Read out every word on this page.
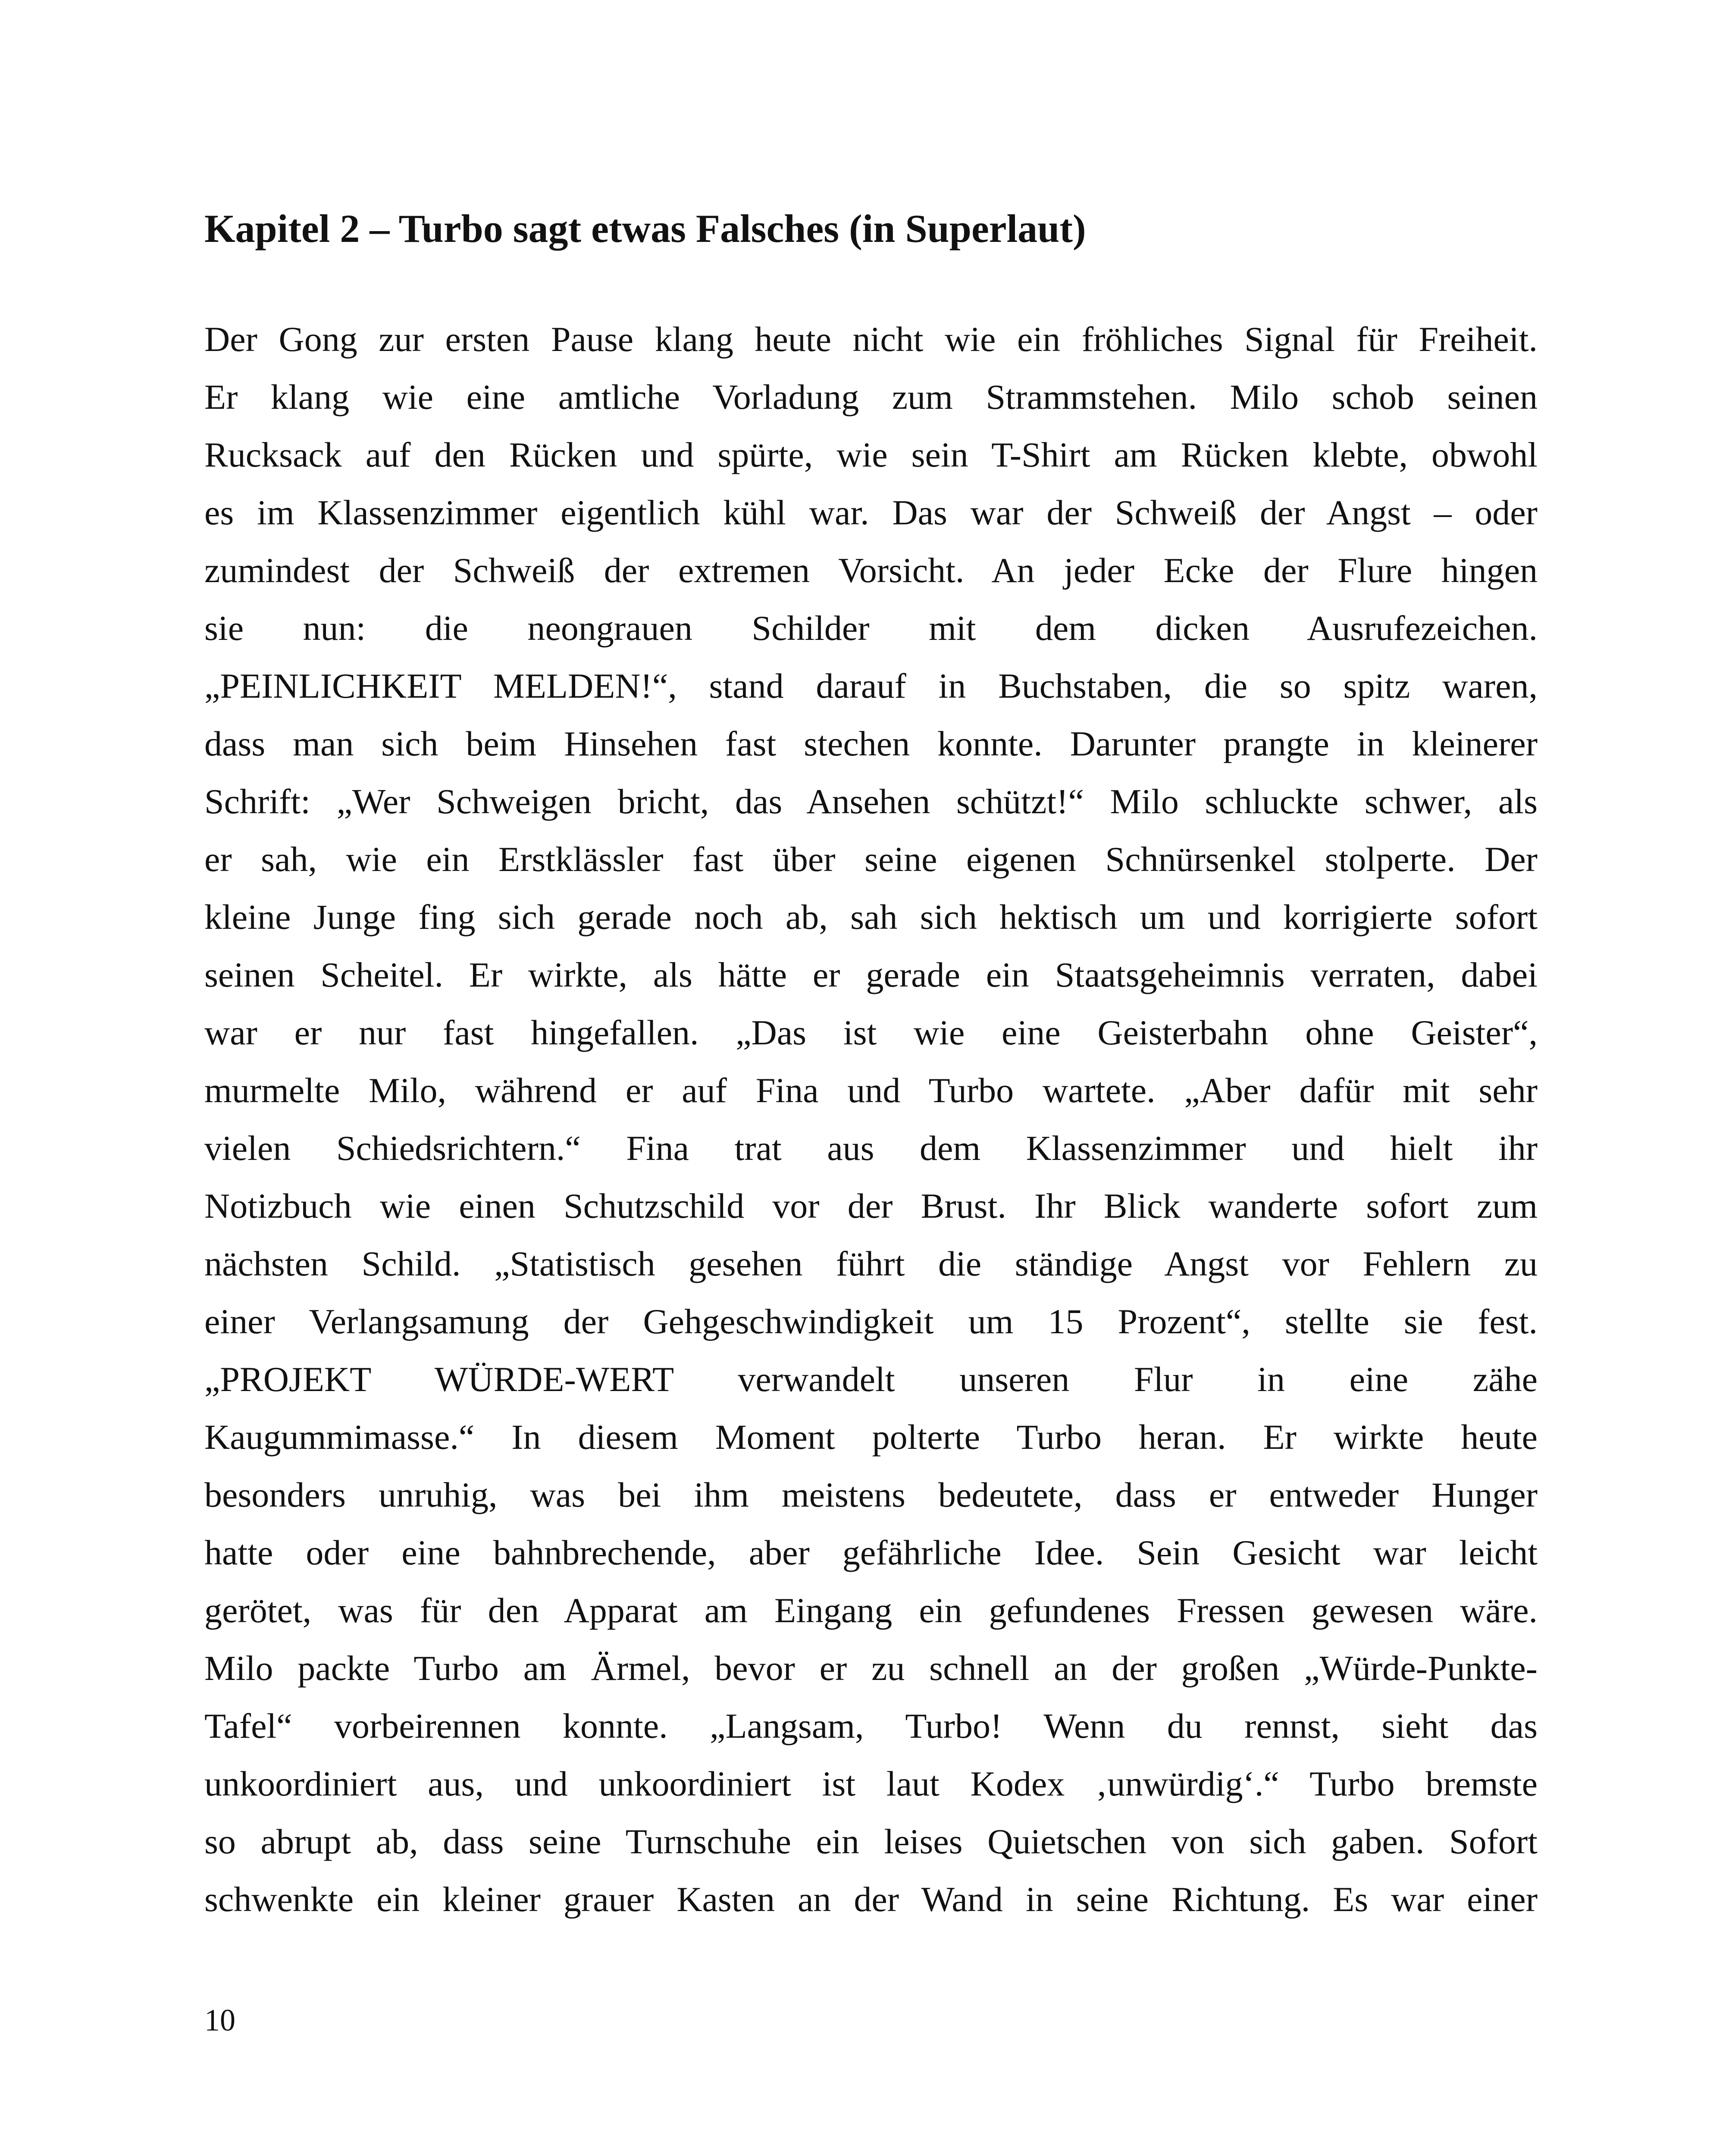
Kapitel 2 – Turbo sagt etwas Falsches (in Superlaut)
Der Gong zur ersten Pause klang heute nicht wie ein fröhliches Signal für Freiheit.
Er klang wie eine amtliche Vorladung zum Strammstehen. Milo schob seinen
Rucksack auf den Rücken und spürte, wie sein T-Shirt am Rücken klebte, obwohl
es im Klassenzimmer eigentlich kühl war. Das war der Schweiß der Angst – oder
zumindest der Schweiß der extremen Vorsicht. An jeder Ecke der Flure hingen
sie nun: die neongrauen Schilder mit dem dicken Ausrufezeichen.
„PEINLICHKEIT MELDEN!“, stand darauf in Buchstaben, die so spitz waren,
dass man sich beim Hinsehen fast stechen konnte. Darunter prangte in kleinerer
Schrift: „Wer Schweigen bricht, das Ansehen schützt!“ Milo schluckte schwer, als
er sah, wie ein Erstklässler fast über seine eigenen Schnürsenkel stolperte. Der
kleine Junge fing sich gerade noch ab, sah sich hektisch um und korrigierte sofort
seinen Scheitel. Er wirkte, als hätte er gerade ein Staatsgeheimnis verraten, dabei
war er nur fast hingefallen. „Das ist wie eine Geisterbahn ohne Geister“,
murmelte Milo, während er auf Fina und Turbo wartete. „Aber dafür mit sehr
vielen Schiedsrichtern.“ Fina trat aus dem Klassenzimmer und hielt ihr
Notizbuch wie einen Schutzschild vor der Brust. Ihr Blick wanderte sofort zum
nächsten Schild. „Statistisch gesehen führt die ständige Angst vor Fehlern zu
einer Verlangsamung der Gehgeschwindigkeit um 15 Prozent“, stellte sie fest.
„PROJEKT WÜRDE-WERT verwandelt unseren Flur in eine zähe
Kaugummimasse.“ In diesem Moment polterte Turbo heran. Er wirkte heute
besonders unruhig, was bei ihm meistens bedeutete, dass er entweder Hunger
hatte oder eine bahnbrechende, aber gefährliche Idee. Sein Gesicht war leicht
gerötet, was für den Apparat am Eingang ein gefundenes Fressen gewesen wäre.
Milo packte Turbo am Ärmel, bevor er zu schnell an der großen „Würde-Punkte-
Tafel“ vorbeirennen konnte. „Langsam, Turbo! Wenn du rennst, sieht das
unkoordiniert aus, und unkoordiniert ist laut Kodex ‚unwürdig‘.“ Turbo bremste
so abrupt ab, dass seine Turnschuhe ein leises Quietschen von sich gaben. Sofort
schwenkte ein kleiner grauer Kasten an der Wand in seine Richtung. Es war einer

10
